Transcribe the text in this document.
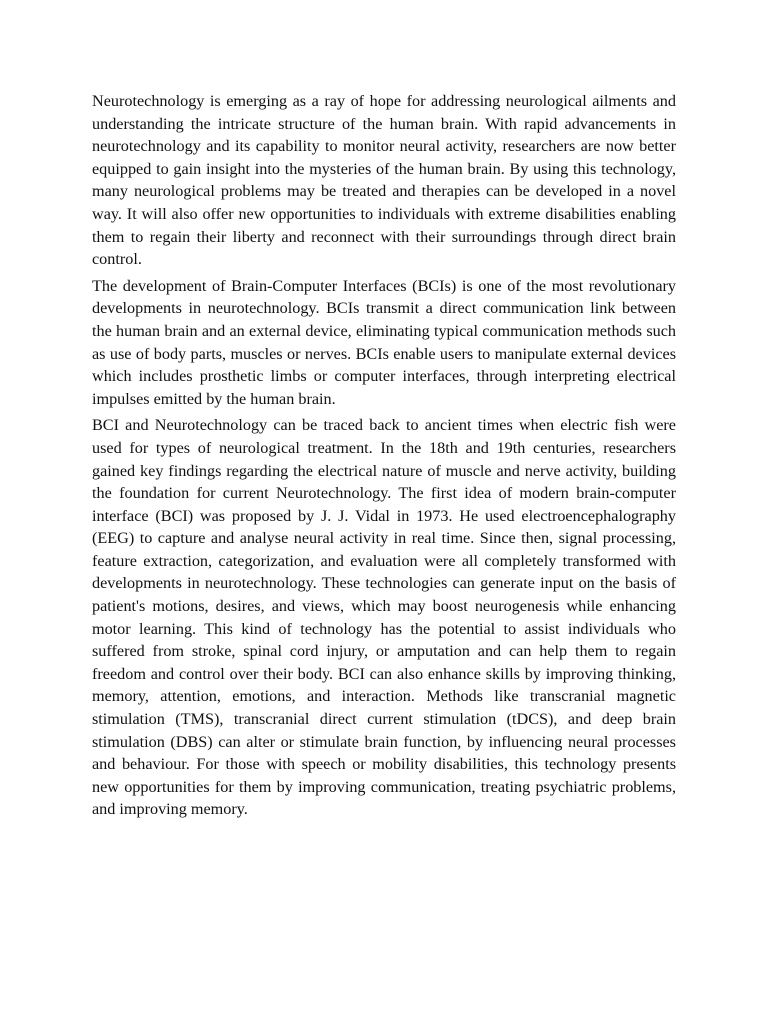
Neurotechnology is emerging as a ray of hope for addressing neurological ailments and understanding the intricate structure of the human brain. With rapid advancements in neurotechnology and its capability to monitor neural activity, researchers are now better equipped to gain insight into the mysteries of the human brain. By using this technology, many neurological problems may be treated and therapies can be developed in a novel way. It will also offer new opportunities to individuals with extreme disabilities enabling them to regain their liberty and reconnect with their surroundings through direct brain control.

The development of Brain-Computer Interfaces (BCIs) is one of the most revolutionary developments in neurotechnology. BCIs transmit a direct communication link between the human brain and an external device, eliminating typical communication methods such as use of body parts, muscles or nerves. BCIs enable users to manipulate external devices which includes prosthetic limbs or computer interfaces, through interpreting electrical impulses emitted by the human brain.

BCI and Neurotechnology can be traced back to ancient times when electric fish were used for types of neurological treatment. In the 18th and 19th centuries, researchers gained key findings regarding the electrical nature of muscle and nerve activity, building the foundation for current Neurotechnology. The first idea of modern brain-computer interface (BCI) was proposed by J. J. Vidal in 1973. He used electroencephalography (EEG) to capture and analyse neural activity in real time. Since then, signal processing, feature extraction, categorization, and evaluation were all completely transformed with developments in neurotechnology. These technologies can generate input on the basis of patient's motions, desires, and views, which may boost neurogenesis while enhancing motor learning. This kind of technology has the potential to assist individuals who suffered from stroke, spinal cord injury, or amputation and can help them to regain freedom and control over their body. BCI can also enhance skills by improving thinking, memory, attention, emotions, and interaction. Methods like transcranial magnetic stimulation (TMS), transcranial direct current stimulation (tDCS), and deep brain stimulation (DBS) can alter or stimulate brain function, by influencing neural processes and behaviour. For those with speech or mobility disabilities, this technology presents new opportunities for them by improving communication, treating psychiatric problems, and improving memory.
